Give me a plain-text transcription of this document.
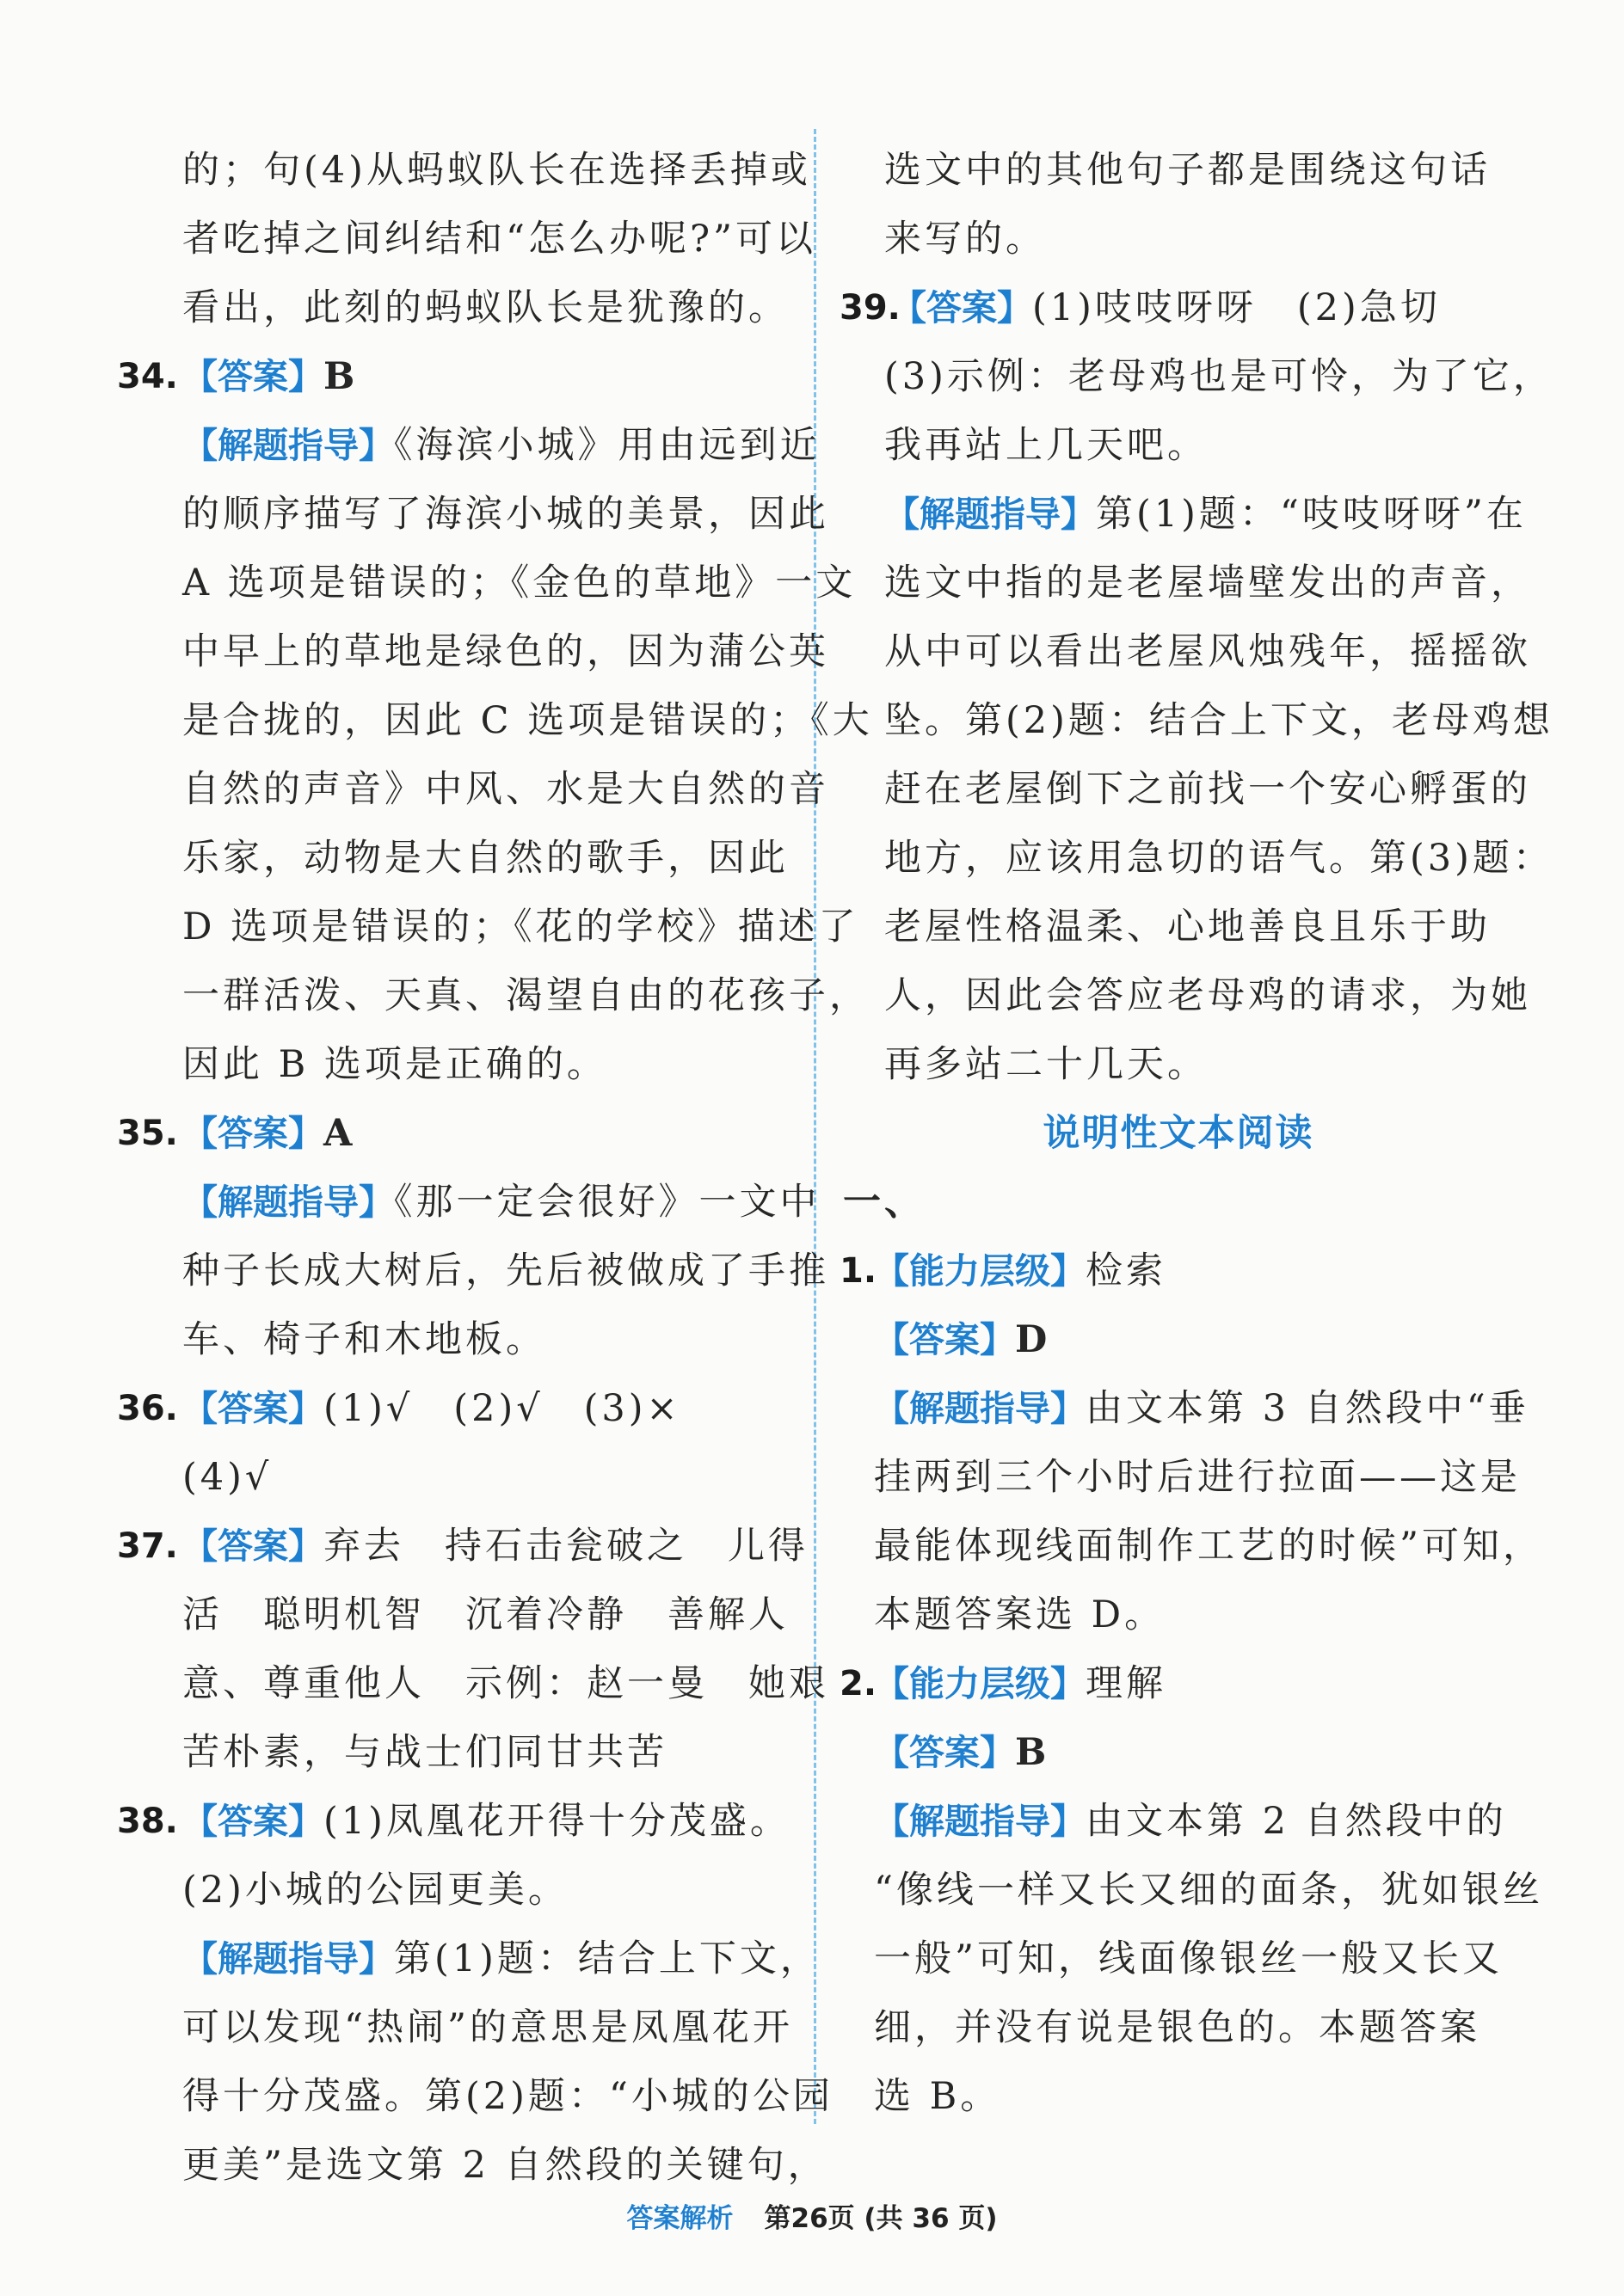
的；句(4)从蚂蚁队长在选择丢掉或
者吃掉之间纠结和“怎么办呢?”可以
看出，此刻的蚂蚁队长是犹豫的。
34. 【答案】B
【解题指导】《海滨小城》用由远到近
的顺序描写了海滨小城的美景，因此
A 选项是错误的；《金色的草地》一文
中早上的草地是绿色的，因为蒲公英
是合拢的，因此 C 选项是错误的；《大
自然的声音》中风、水是大自然的音
乐家，动物是大自然的歌手，因此
D 选项是错误的；《花的学校》描述了
一群活泼、天真、渴望自由的花孩子，
因此 B 选项是正确的。
35. 【答案】A
【解题指导】《那一定会很好》一文中
种子长成大树后，先后被做成了手推
车、椅子和木地板。
36. 【答案】(1)√　(2)√　(3)×
(4)√
37. 【答案】弃去　持石击瓮破之　儿得
活　聪明机智　沉着冷静　善解人
意、尊重他人　示例：赵一曼　她艰
苦朴素，与战士们同甘共苦
38. 【答案】(1)凤凰花开得十分茂盛。
(2)小城的公园更美。
【解题指导】第(1)题：结合上下文，
可以发现“热闹”的意思是凤凰花开
得十分茂盛。第(2)题：“小城的公园
更美”是选文第 2 自然段的关键句，
选文中的其他句子都是围绕这句话
来写的。
39.
【答案】(1)吱吱呀呀　(2)急切
(3)示例：老母鸡也是可怜，为了它，
我再站上几天吧。
【解题指导】第(1)题：“吱吱呀呀”在
选文中指的是老屋墙壁发出的声音，
从中可以看出老屋风烛残年，摇摇欲
坠。第(2)题：结合上下文，老母鸡想
赶在老屋倒下之前找一个安心孵蛋的
地方，应该用急切的语气。第(3)题：
老屋性格温柔、心地善良且乐于助
人，因此会答应老母鸡的请求，为她
再多站二十几天。
说明性文本阅读
一、
1.
【能力层级】检索
【答案】D
【解题指导】由文本第 3 自然段中“垂
挂两到三个小时后进行拉面——这是
最能体现线面制作工艺的时候”可知，
本题答案选 D。
2.
【能力层级】理解
【答案】B
【解题指导】由文本第 2 自然段中的
“像线一样又长又细的面条，犹如银丝
一般”可知，线面像银丝一般又长又
细，并没有说是银色的。本题答案
选 B。
答案解析 第26页 (共 36 页)
